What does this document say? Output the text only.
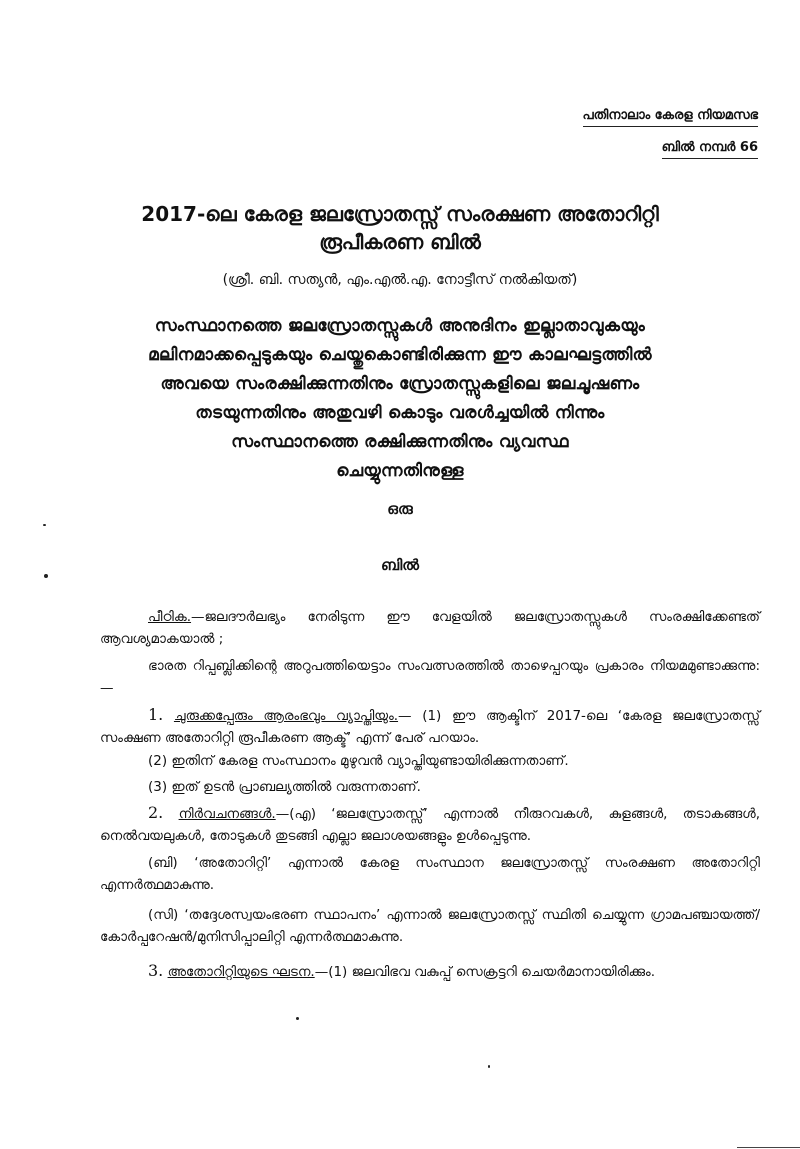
പതിനാലാം കേരള നിയമസഭ
ബിൽ നമ്പർ 66
2017-ലെ കേരള ജലസ്രോതസ്സ് സംരക്ഷണ അതോറിറ്റി
രൂപീകരണ ബിൽ
(ശ്രീ. ബി. സത്യൻ, എം.എൽ.എ. നോട്ടീസ് നൽകിയത്)
സംസ്ഥാനത്തെ ജലസ്രോതസ്സുകൾ അനുദിനം ഇല്ലാതാവുകയും
മലിനമാക്കപ്പെടുകയും ചെയ്തുകൊണ്ടിരിക്കുന്ന ഈ കാലഘട്ടത്തിൽ
അവയെ സംരക്ഷിക്കുന്നതിനും സ്രോതസ്സുകളിലെ ജലചൂഷണം
തടയുന്നതിനും അതുവഴി കൊടും വരൾച്ചയിൽ നിന്നും
സംസ്ഥാനത്തെ രക്ഷിക്കുന്നതിനും വ്യവസ്ഥ
ചെയ്യുന്നതിനുള്ള
ഒരു
ബിൽ
പീഠിക.—ജലദൗർലഭ്യം നേരിടുന്ന ഈ വേളയിൽ ജലസ്രോതസ്സുകൾ സംരക്ഷിക്കേണ്ടത് ആവശ്യമാകയാൽ ;
ഭാരത റിപ്പബ്ലിക്കിന്റെ അറുപത്തിയെട്ടാം സംവത്സരത്തിൽ താഴെപ്പറയും പ്രകാരം നിയമമുണ്ടാക്കുന്നു:—
1. ചുരുക്കപ്പേരും ആരംഭവും വ്യാപ്തിയും.— (1) ഈ ആക്ടിന് 2017-ലെ ‘കേരള ജലസ്രോതസ്സ് സംക്ഷണ അതോറിറ്റി രൂപീകരണ ആക്ട്’ എന്ന് പേര് പറയാം.
(2) ഇതിന് കേരള സംസ്ഥാനം മുഴുവൻ വ്യാപ്തിയുണ്ടായിരിക്കുന്നതാണ്.
(3) ഇത് ഉടൻ പ്രാബല്യത്തിൽ വരുന്നതാണ്.
2. നിർവചനങ്ങൾ.—(എ) ‘ജലസ്രോതസ്സ്’ എന്നാൽ നീരുറവകൾ, കുളങ്ങൾ, തടാകങ്ങൾ, നെൽവയലുകൾ, തോടുകൾ തുടങ്ങി എല്ലാ ജലാശയങ്ങളും ഉൾപ്പെടുന്നു.
(ബി) ‘അതോറിറ്റി’ എന്നാൽ കേരള സംസ്ഥാന ജലസ്രോതസ്സ് സംരക്ഷണ അതോറിറ്റി എന്നർത്ഥമാകുന്നു.
(സി) ‘തദ്ദേശസ്വയംഭരണ സ്ഥാപനം’ എന്നാൽ ജലസ്രോതസ്സ് സ്ഥിതി ചെയ്യുന്ന ഗ്രാമപഞ്ചായത്ത്/കോർപ്പറേഷൻ/മുനിസിപ്പാലിറ്റി എന്നർത്ഥമാകുന്നു.
3. അതോറിറ്റിയുടെ ഘടന.—(1) ജലവിഭവ വകുപ്പ് സെക്രട്ടറി ചെയർമാനായിരിക്കും.
